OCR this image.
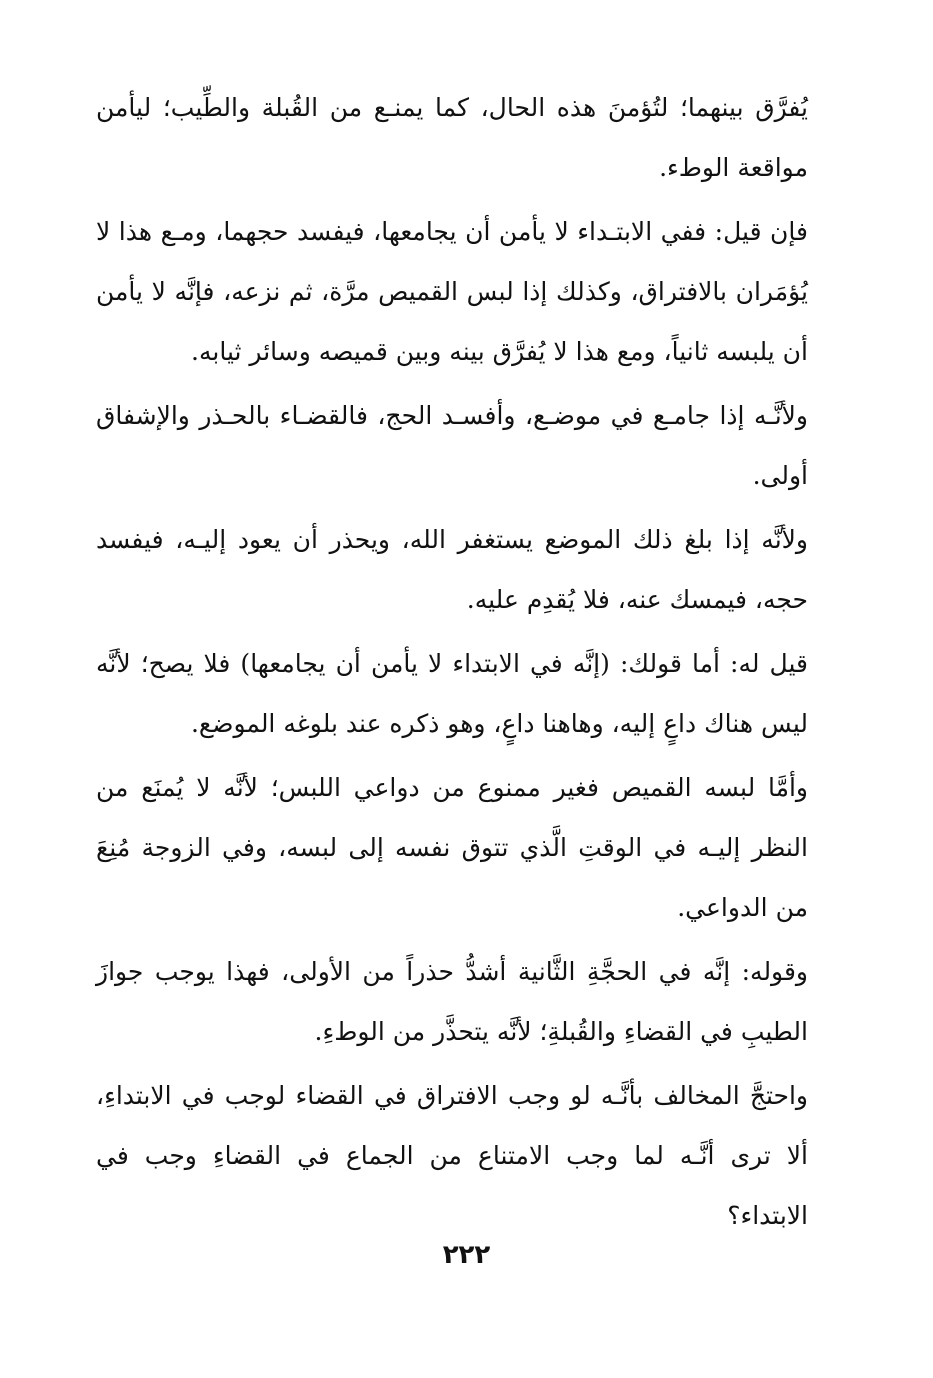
يُفرَّق بينهما؛ لتُؤمنَ هذه الحال، كما يمنـع من القُبلة والطِّيب؛ ليأمن مواقعة الوطء.

فإن قيل: ففي الابتـداء لا يأمن أن يجامعها، فيفسد حجهما، ومـع هذا لا يُؤمَران بالافتراق، وكذلك إذا لبس القميص مرَّة، ثم نزعه، فإنَّه لا يأمن أن يلبسه ثانياً، ومع هذا لا يُفرَّق بينه وبين قميصه وسائر ثيابه.

ولأنَّـه إذا جامـع في موضـع، وأفسـد الحج، فالقضـاء بالحـذر والإشفاق أولى.

ولأنَّه إذا بلغ ذلك الموضع يستغفر الله، ويحذر أن يعود إليـه، فيفسد حجه، فيمسك عنه، فلا يُقدِم عليه.

قيل له: أما قولك: (إنَّه في الابتداء لا يأمن أن يجامعها) فلا يصح؛ لأنَّه ليس هناك داعٍ إليه، وهاهنا داعٍ، وهو ذكره عند بلوغه الموضع.

وأمَّا لبسه القميص فغير ممنوع من دواعي اللبس؛ لأنَّه لا يُمنَع من النظر إليـه في الوقتِ الَّذي تتوق نفسه إلى لبسه، وفي الزوجة مُنِعَ من الدواعي.

وقوله: إنَّه في الحجَّةِ الثَّانية أشدُّ حذراً من الأولى، فهذا يوجب جوازَ الطيبِ في القضاءِ والقُبلةِ؛ لأنَّه يتحذَّر من الوطءِ.

واحتجَّ المخالف بأنَّـه لو وجب الافتراق في القضاء لوجب في الابتداءِ، ألا ترى أنَّـه لما وجب الامتناع من الجماع في القضاءِ وجب في الابتداء؟

٢٢٢
